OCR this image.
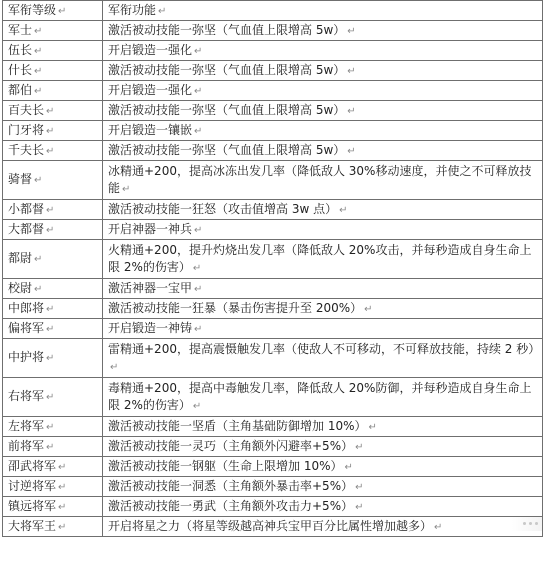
军衔等级 ↵	军衔功能 ↵
军士 ↵	激活被动技能一弥坚（气血值上限增高 5w） ↵
伍长 ↵	开启锻造一强化 ↵
什长 ↵	激活被动技能一弥坚（气血值上限增高 5w） ↵
都伯 ↵	开启锻造一强化 ↵
百夫长 ↵	激活被动技能一弥坚（气血值上限增高 5w） ↵
门牙将 ↵	开启锻造一镶嵌 ↵
千夫长 ↵	激活被动技能一弥坚（气血值上限增高 5w） ↵
骑督 ↵	冰精通+200，提高冰冻出发几率（降低敌人 30%移动速度，并使之不可释放技能 ↵
小都督 ↵	激活被动技能一狂怒（攻击值增高 3w 点） ↵
大都督 ↵	开启神器一神兵 ↵
都尉 ↵	火精通+200，提升灼烧出发几率（降低敌人 20%攻击，并每秒造成自身生命上限 2%的伤害） ↵
校尉 ↵	激活神器一宝甲 ↵
中郎将 ↵	激活被动技能一狂暴（暴击伤害提升至 200%） ↵
偏将军 ↵	开启锻造一神铸 ↵
中护将 ↵	雷精通+200，提高震慑触发几率（使敌人不可移动，不可释放技能，持续 2 秒）↵
右将军 ↵	毒精通+200，提高中毒触发几率，降低敌人 20%防御，并每秒造成自身生命上限 2%的伤害） ↵
左将军 ↵	激活被动技能一坚盾（主角基础防御增加 10%） ↵
前将军 ↵	激活被动技能一灵巧（主角额外闪避率+5%） ↵
卲武将军 ↵	激活被动技能一钢躯（生命上限增加 10%） ↵
讨逆将军 ↵	激活被动技能一洞悉（主角额外暴击率+5%） ↵
镇远将军 ↵	激活被动技能一勇武（主角额外攻击力+5%） ↵
大将军王 ↵	开启将星之力（将星等级越高神兵宝甲百分比属性增加越多） ↵
